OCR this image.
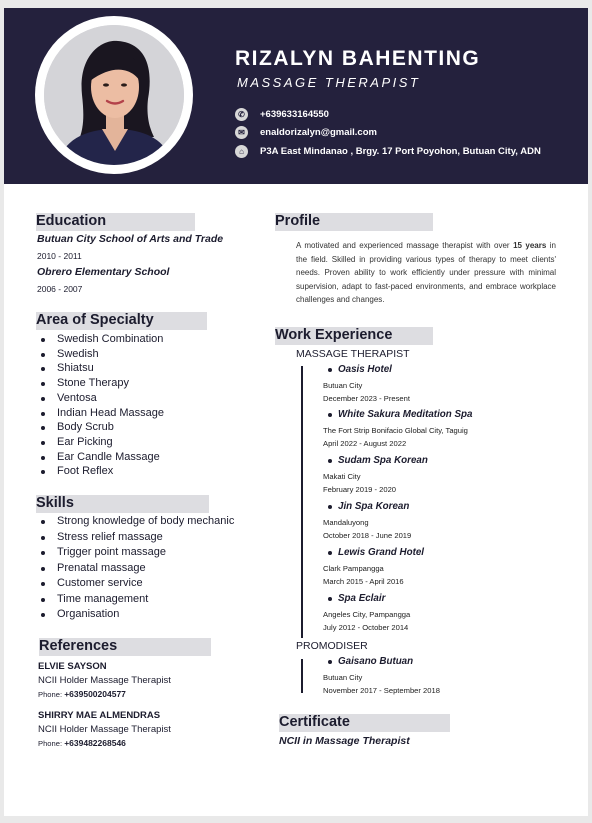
RIZALYN BAHENTING
MASSAGE THERAPIST
✆	+639633164550
✉	enaldorizalyn@gmail.com
⌂	P3A East Mindanao , Brgy. 17 Port Poyohon, Butuan City, ADN
Education
Butuan City School of Arts and Trade
2010 - 2011
Obrero Elementary School
2006 - 2007
Area of Specialty
Swedish Combination
Swedish
Shiatsu
Stone Therapy
Ventosa
Indian Head Massage
Body Scrub
Ear Picking
Ear Candle Massage
Foot Reflex
Skills
Strong knowledge of body mechanic
Stress relief massage
Trigger point massage
Prenatal massage
Customer service
Time management
Organisation
References
ELVIE SAYSON
NCII Holder Massage Therapist
Phone: +639500204577
SHIRRY MAE ALMENDRAS
NCII Holder Massage Therapist
Phone: +639482268546
Profile
A motivated and experienced massage therapist with over 15 years in the field. Skilled in providing various types of therapy to meet clients' needs. Proven ability to work efficiently under pressure with minimal supervision, adapt to fast-paced environments, and embrace workplace challenges and changes.
Work Experience
MASSAGE THERAPIST
Oasis Hotel
Butuan City
December 2023 - Present
White Sakura Meditation Spa
The Fort Strip Bonifacio Global City, Taguig
April 2022 - August 2022
Sudam Spa Korean
Makati City
February 2019 - 2020
Jin Spa Korean
Mandaluyong
October 2018 - June 2019
Lewis Grand Hotel
Clark Pampangga
March 2015 - April 2016
Spa Eclair
Angeles City, Pampangga
July 2012 - October 2014
PROMODISER
Gaisano Butuan
Butuan City
November 2017 - September 2018
Certificate
NCII in Massage Therapist
